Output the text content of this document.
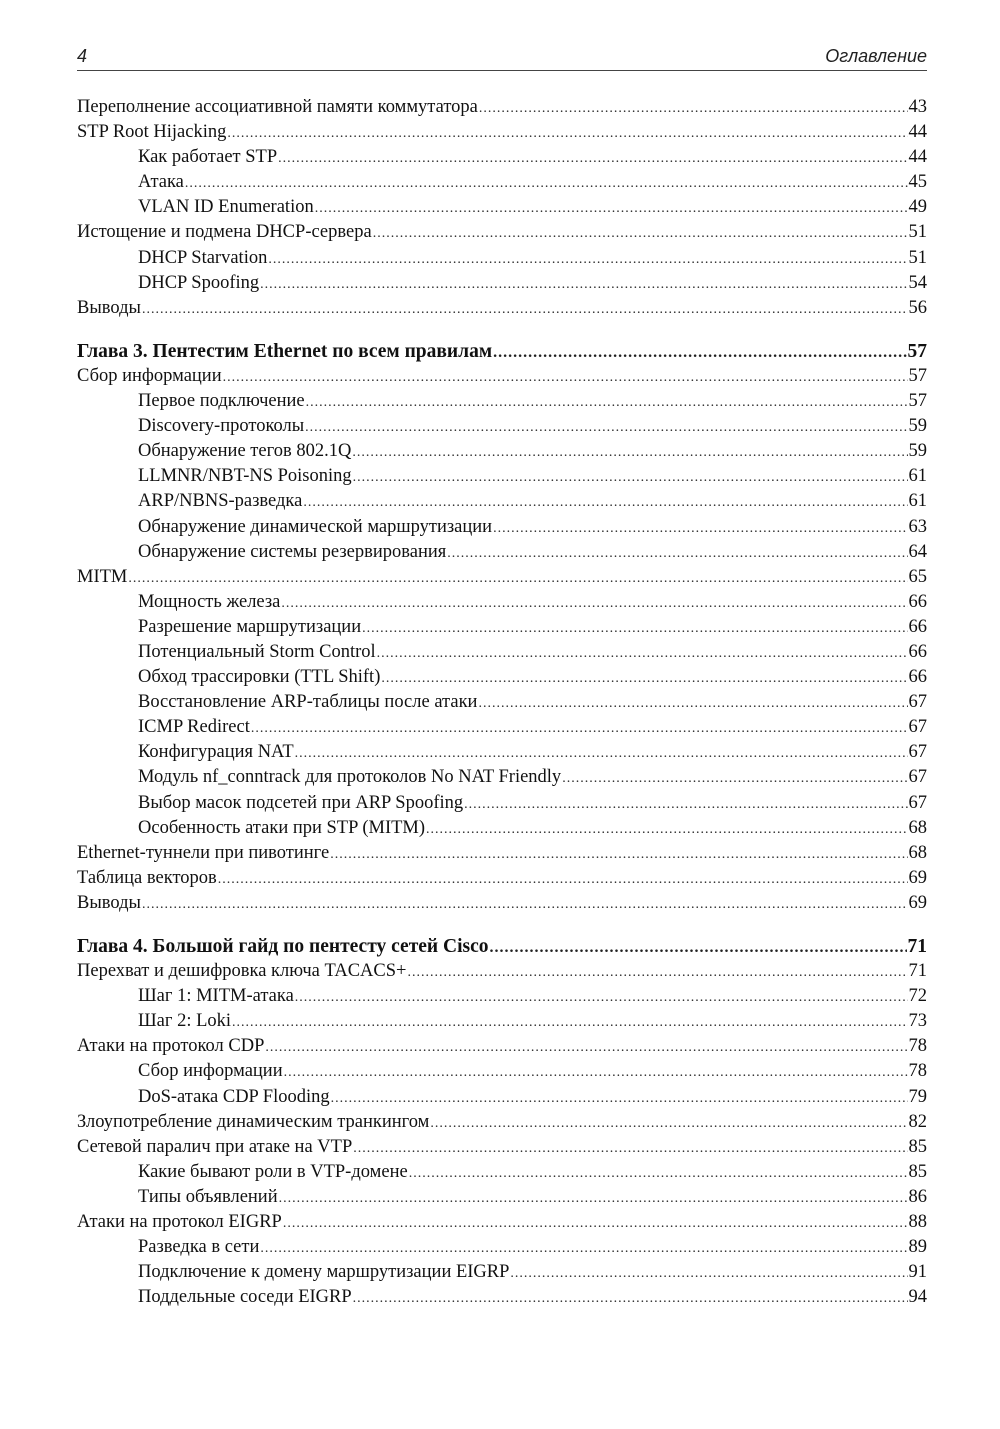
4	Оглавление
Переполнение ассоциативной памяти коммутатора .....	43
STP Root Hijacking .....	44
Как работает STP .....	44
Атака .....	45
VLAN ID Enumeration .....	49
Истощение и подмена DHCP-сервера .....	51
DHCP Starvation .....	51
DHCP Spoofing .....	54
Выводы .....	56
Глава 3. Пентестим Ethernet по всем правилам .....	57
Сбор информации .....	57
Первое подключение .....	57
Discovery-протоколы .....	59
Обнаружение тегов 802.1Q .....	59
LLMNR/NBT-NS Poisoning .....	61
ARP/NBNS-разведка .....	61
Обнаружение динамической маршрутизации .....	63
Обнаружение системы резервирования .....	64
MITM .....	65
Мощность железа .....	66
Разрешение маршрутизации .....	66
Потенциальный Storm Control .....	66
Обход трассировки (TTL Shift) .....	66
Восстановление ARP-таблицы после атаки .....	67
ICMP Redirect .....	67
Конфигурация NAT .....	67
Модуль nf_conntrack для протоколов No NAT Friendly .....	67
Выбор масок подсетей при ARP Spoofing .....	67
Особенность атаки при STP (MITM) .....	68
Ethernet-туннели при пивотинге .....	68
Таблица векторов .....	69
Выводы .....	69
Глава 4. Большой гайд по пентесту сетей Cisco .....	71
Перехват и дешифровка ключа TACACS+ .....	71
Шаг 1: MITM-атака .....	72
Шаг 2: Loki .....	73
Атаки на протокол CDP .....	78
Сбор информации .....	78
DoS-атака CDP Flooding .....	79
Злоупотребление динамическим транкингом .....	82
Сетевой паралич при атаке на VTP .....	85
Какие бывают роли в VTP-домене .....	85
Типы объявлений .....	86
Атаки на протокол EIGRP .....	88
Разведка в сети .....	89
Подключение к домену маршрутизации EIGRP .....	91
Поддельные соседи EIGRP .....	94
